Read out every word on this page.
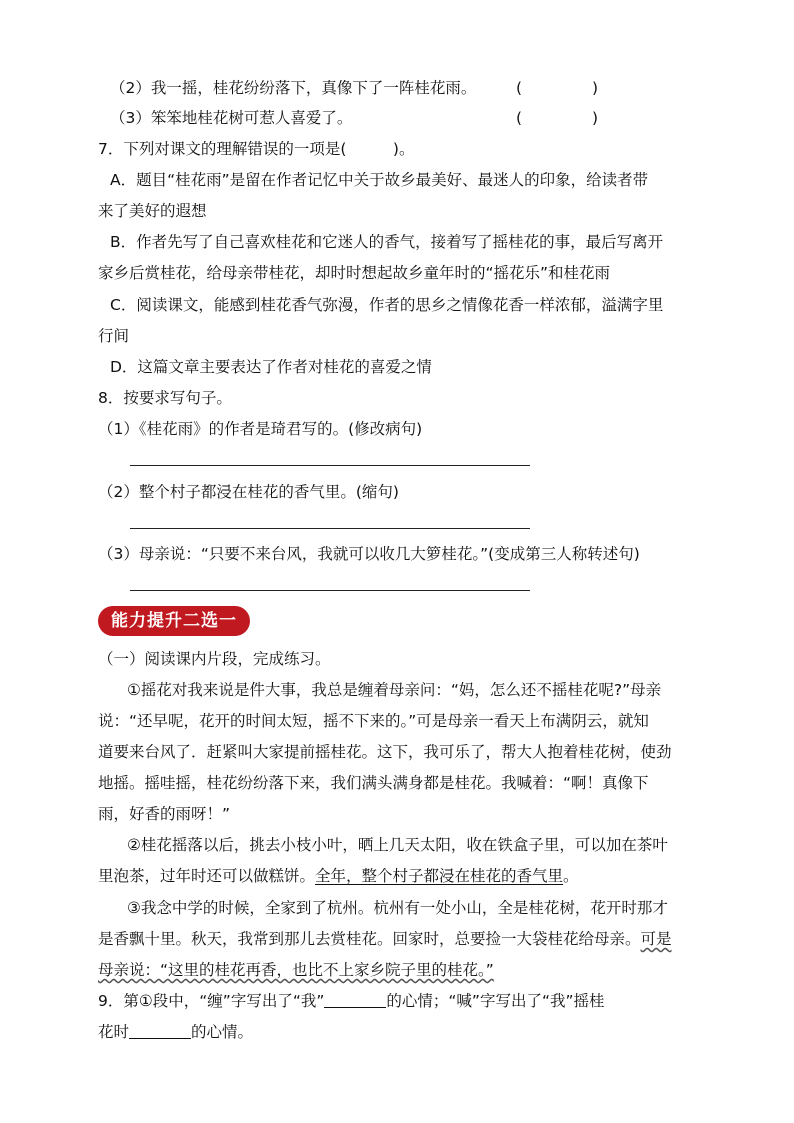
（2）我一摇，桂花纷纷落下，真像下了一阵桂花雨。	(	)
（3）笨笨地桂花树可惹人喜爱了。	(	)
7．下列对课文的理解错误的一项是(　　　)。
A．题目“桂花雨”是留在作者记忆中关于故乡最美好、最迷人的印象，给读者带
来了美好的遐想
B．作者先写了自己喜欢桂花和它迷人的香气，接着写了摇桂花的事，最后写离开
家乡后赏桂花，给母亲带桂花，却时时想起故乡童年时的“摇花乐”和桂花雨
C．阅读课文，能感到桂花香气弥漫，作者的思乡之情像花香一样浓郁，溢满字里
行间
D．这篇文章主要表达了作者对桂花的喜爱之情
8．按要求写句子。
（1）《桂花雨》的作者是琦君写的。(修改病句)
（2）整个村子都浸在桂花的香气里。(缩句)
（3）母亲说：“只要不来台风，我就可以收几大箩桂花。”(变成第三人称转述句)
能力提升二选一
（一）阅读课内片段，完成练习。
①摇花对我来说是件大事，我总是缠着母亲问：“妈，怎么还不摇桂花呢?”母亲
说：“还早呢，花开的时间太短，摇不下来的。”可是母亲一看天上布满阴云，就知
道要来台风了．赶紧叫大家提前摇桂花。这下，我可乐了，帮大人抱着桂花树，使劲
地摇。摇哇摇，桂花纷纷落下来，我们满头满身都是桂花。我喊着：“啊！真像下
雨，好香的雨呀！”
②桂花摇落以后，挑去小枝小叶，晒上几天太阳，收在铁盒子里，可以加在茶叶
里泡茶，过年时还可以做糕饼。全年，整个村子都浸在桂花的香气里。
③我念中学的时候，全家到了杭州。杭州有一处小山，全是桂花树，花开时那才
是香飘十里。秋天，我常到那儿去赏桂花。回家时，总要捡一大袋桂花给母亲。可是
母亲说：“这里的桂花再香，也比不上家乡院子里的桂花。”
9．第①段中，“缠”字写出了“我”	的心情；“喊”字写出了“我”摇桂
花时	的心情。
